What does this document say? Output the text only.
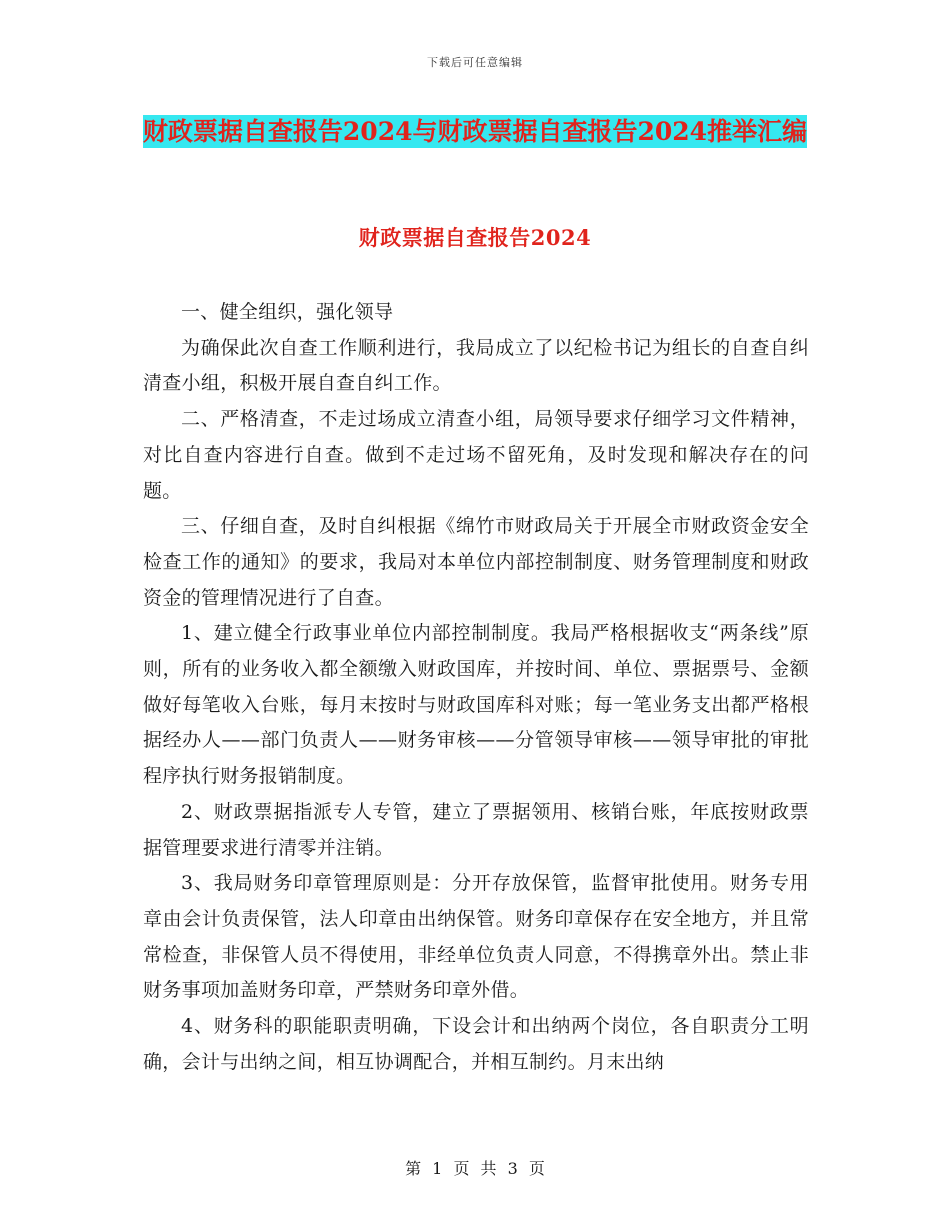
下载后可任意编辑
财政票据自查报告2024与财政票据自查报告2024推举汇编
财政票据自查报告2024

一、健全组织，强化领导

为确保此次自查工作顺利进行，我局成立了以纪检书记为组长的自查自纠清查小组，积极开展自查自纠工作。

二、严格清查，不走过场成立清查小组，局领导要求仔细学习文件精神，对比自查内容进行自查。做到不走过场不留死角，及时发现和解决存在的问题。

三、仔细自查，及时自纠根据《绵竹市财政局关于开展全市财政资金安全检查工作的通知》的要求，我局对本单位内部控制制度、财务管理制度和财政资金的管理情况进行了自查。

1、建立健全行政事业单位内部控制制度。我局严格根据收支“两条线”原则，所有的业务收入都全额缴入财政国库，并按时间、单位、票据票号、金额做好每笔收入台账，每月末按时与财政国库科对账；每一笔业务支出都严格根据经办人——部门负责人——财务审核——分管领导审核——领导审批的审批程序执行财务报销制度。

2、财政票据指派专人专管，建立了票据领用、核销台账，年底按财政票据管理要求进行清零并注销。

3、我局财务印章管理原则是：分开存放保管，监督审批使用。财务专用章由会计负责保管，法人印章由出纳保管。财务印章保存在安全地方，并且常常检查，非保管人员不得使用，非经单位负责人同意，不得携章外出。禁止非财务事项加盖财务印章，严禁财务印章外借。

4、财务科的职能职责明确，下设会计和出纳两个岗位，各自职责分工明确，会计与出纳之间，相互协调配合，并相互制约。月末出纳

第 1 页 共 3 页
